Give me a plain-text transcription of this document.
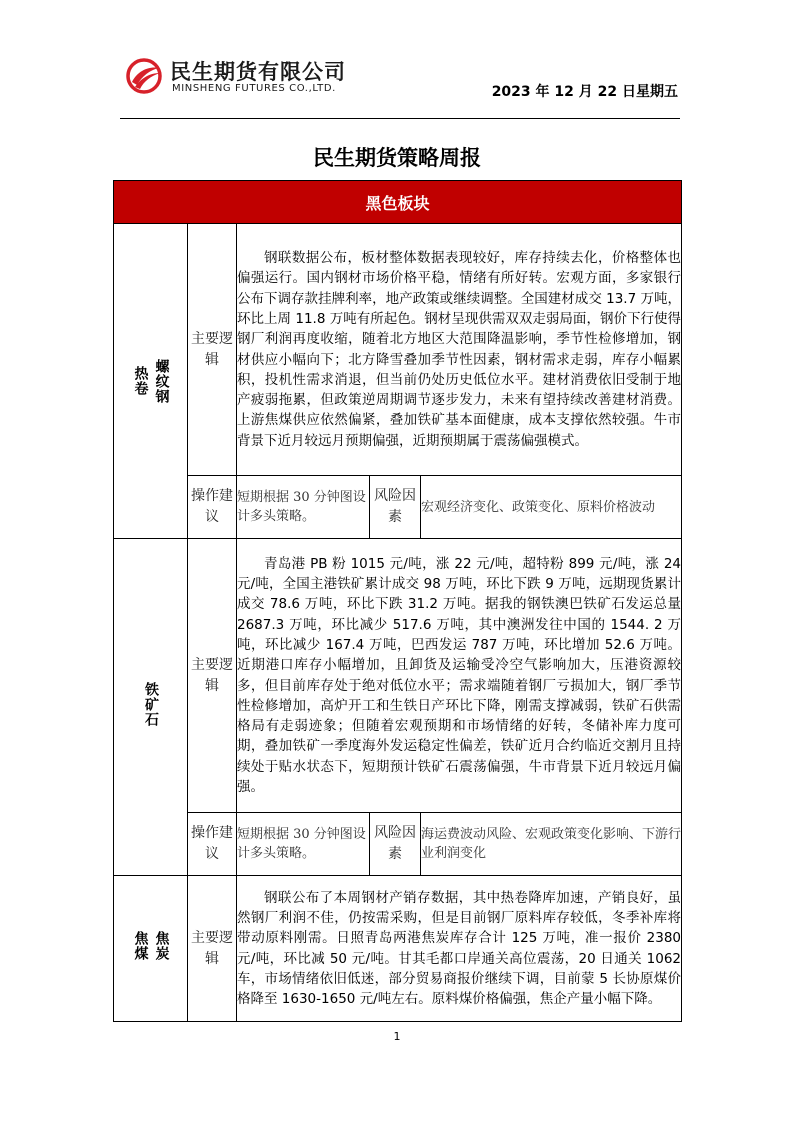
民生期货有限公司
MINSHENG FUTURES CO.,LTD.	2023 年 12 月 22 日星期五
民生期货策略周报
黑色板块				

螺纹钢
热卷	主要逻辑	钢联数据公布，板材整体数据表现较好，库存持续去化，价格整体也偏强运行。国内钢材市场价格平稳，情绪有所好转。宏观方面，多家银行公布下调存款挂牌利率，地产政策或继续调整。全国建材成交 13.7 万吨，环比上周 11.8 万吨有所起色。钢材呈现供需双双走弱局面，钢价下行使得钢厂利润再度收缩，随着北方地区大范围降温影响，季节性检修增加，钢材供应小幅向下；北方降雪叠加季节性因素，钢材需求走弱，库存小幅累积，投机性需求消退，但当前仍处历史低位水平。建材消费依旧受制于地产疲弱拖累，但政策逆周期调节逐步发力，未来有望持续改善建材消费。上游焦煤供应依然偏紧，叠加铁矿基本面健康，成本支撑依然较强。牛市背景下近月较远月预期偏强，近期预期属于震荡偏强模式。		

	操作建议	短期根据 30 分钟图设计多头策略。	风险因素	宏观经济变化、政策变化、原料价格波动
铁矿石	主要逻辑	青岛港 PB 粉 1015 元/吨，涨 22 元/吨，超特粉 899 元/吨，涨 24 元/吨，全国主港铁矿累计成交 98 万吨，环比下跌 9 万吨，远期现货累计成交 78.6 万吨，环比下跌 31.2 万吨。据我的钢铁澳巴铁矿石发运总量 2687.3 万吨，环比减少 517.6 万吨，其中澳洲发往中国的 1544. 2 万吨，环比减少 167.4 万吨，巴西发运 787 万吨，环比增加 52.6 万吨。近期港口库存小幅增加，且卸货及运输受冷空气影响加大，压港资源较多，但目前库存处于绝对低位水平；需求端随着钢厂亏损加大，钢厂季节性检修增加，高炉开工和生铁日产环比下降，刚需支撑减弱，铁矿石供需格局有走弱迹象；但随着宏观预期和市场情绪的好转，冬储补库力度可期，叠加铁矿一季度海外发运稳定性偏差，铁矿近月合约临近交割月且持续处于贴水状态下，短期预计铁矿石震荡偏强，牛市背景下近月较远月偏强。		

	操作建议	短期根据 30 分钟图设计多头策略。	风险因素	海运费波动风险、宏观政策变化影响、下游行业利润变化

焦炭
焦煤	主要逻辑	钢联公布了本周钢材产销存数据，其中热卷降库加速，产销良好，虽然钢厂利润不佳，仍按需采购，但是目前钢厂原料库存较低，冬季补库将带动原料刚需。日照青岛两港焦炭库存合计 125 万吨，准一报价 2380 元/吨，环比减 50 元/吨。甘其毛都口岸通关高位震荡，20 日通关 1062 车，市场情绪依旧低迷，部分贸易商报价继续下调，目前蒙 5 长协原煤价格降至 1630-1650 元/吨左右。原料煤价格偏强，焦企产量小幅下降。		

1
